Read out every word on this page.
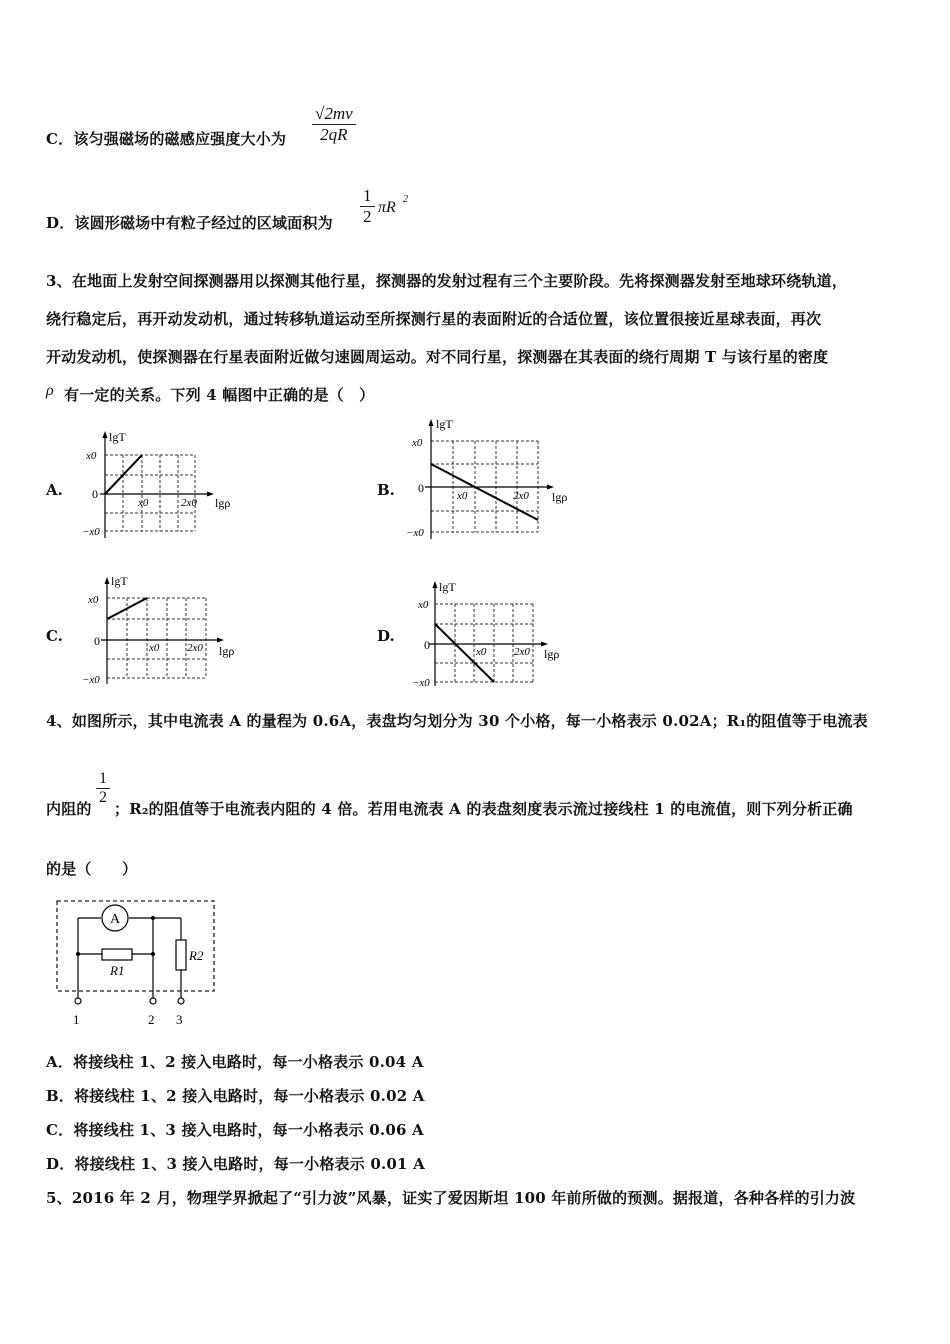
C．该匀强磁场的磁感应强度大小为 $\frac{√2mv}{2qR}$
D．该圆形磁场中有粒子经过的区域面积为 $\frac{1}{2}$ πR 2
3、在地面上发射空间探测器用以探测其他行星，探测器的发射过程有三个主要阶段。先将探测器发射至地球环绕轨道，
绕行稳定后，再开动发动机，通过转移轨道运动至所探测行星的表面附近的合适位置，该位置很接近星球表面，再次
开动发动机，使探测器在行星表面附近做匀速圆周运动。对不同行星，探测器在其表面的绕行周期 T 与该行星的密度
ρ 有一定的关系。下列 4 幅图中正确的是（　）
A.	B.
C.	D.
lgT
lgρ
x0
0
−x0
x0	2x0
lgT
lgρ
x0
0
−x0
x0	2x0
lgT
lgρ
x0
0
−x0
x0	2x0
lgT
lgρ
x0
0
−x0
x0	2x0
4、如图所示，其中电流表 A 的量程为 0.6A，表盘均匀划分为 30 个小格，每一小格表示 0.02A；R₁的阻值等于电流表
内阻的
$\frac{1}{2}$
；R₂的阻值等于电流表内阻的 4 倍。若用电流表 A 的表盘刻度表示流过接线柱 1 的电流值，则下列分析正确
的是（　　）
A
R1
R2
1	2 3
A．将接线柱 1、2 接入电路时，每一小格表示 0.04 A
B．将接线柱 1、2 接入电路时，每一小格表示 0.02 A
C．将接线柱 1、3 接入电路时，每一小格表示 0.06 A
D．将接线柱 1、3 接入电路时，每一小格表示 0.01 A
5、2016 年 2 月，物理学界掀起了“引力波”风暴，证实了爱因斯坦 100 年前所做的预测。据报道，各种各样的引力波
